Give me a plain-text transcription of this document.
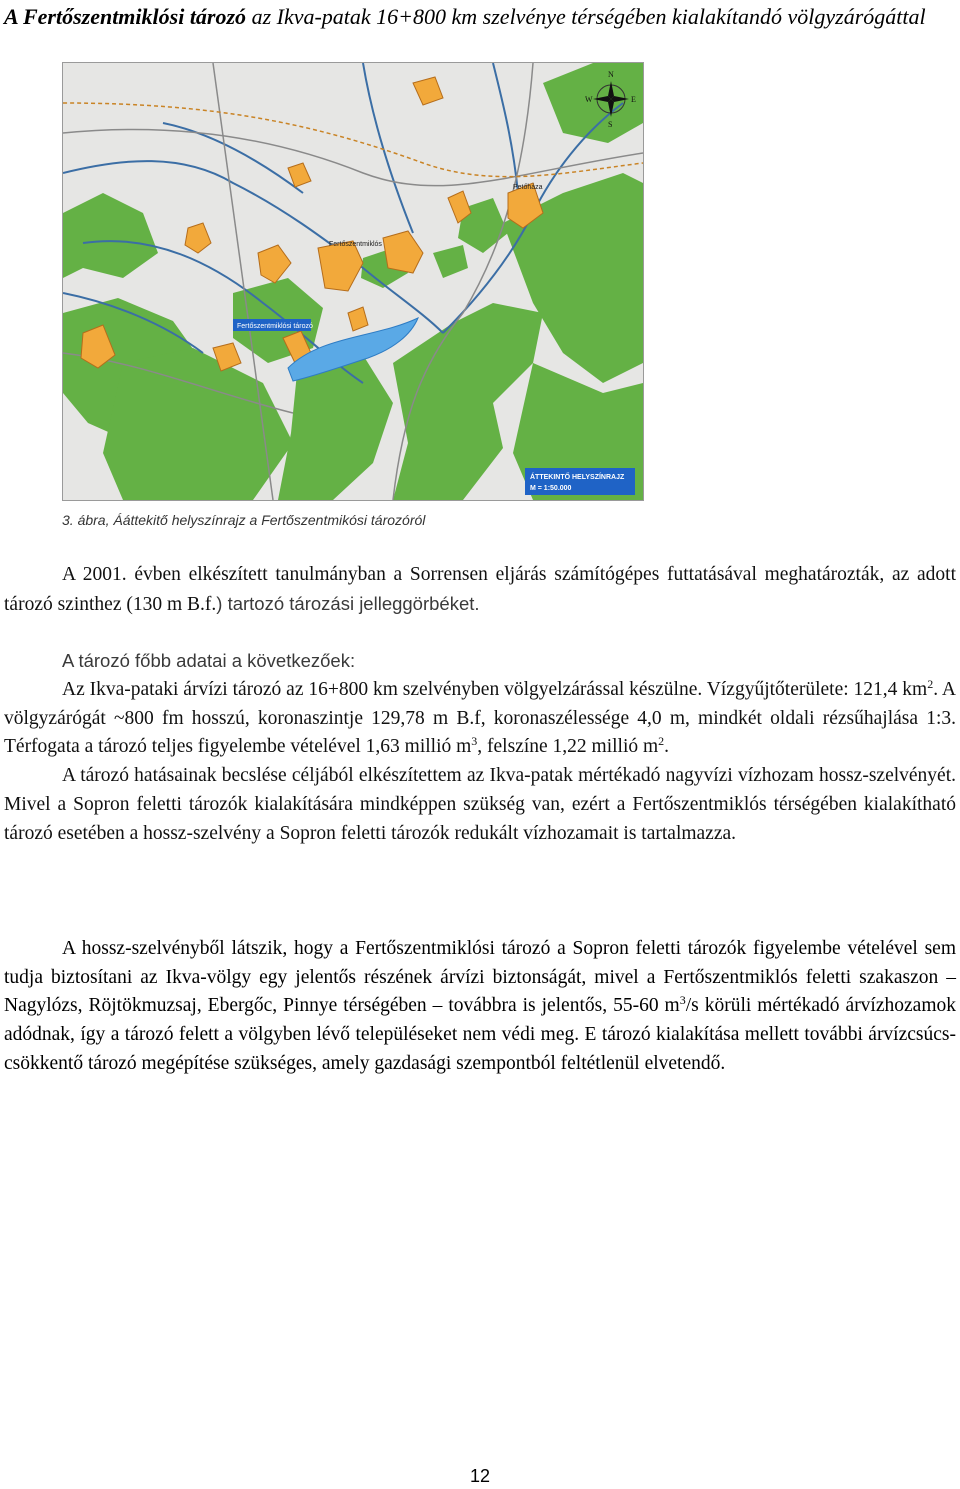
A Fertőszentmiklósi tározó az Ikva-patak 16+800 km szelvénye térségében kialakítandó völgyzárógáttal
Fertőszentmiklósi tározó
Fertőszentmiklós
Petőháza
N
S
E
W
ÁTTEKINTŐ HELYSZÍNRAJZ
M = 1:50.000
3. ábra, Ááttekitő helyszínrajz a Fertőszentmikósi tározóról

A 2001. évben elkészített tanulmányban a Sorrensen eljárás számítógépes futtatásával meghatározták, az adott tározó szinthez (130 m B.f.) tartozó tározási jelleggörbéket.

A tározó főbb adatai a következőek:

Az Ikva-pataki árvízi tározó az 16+800 km szelvényben völgyelzárással készülne. Vízgyűjtőterülete: 121,4 $km^2$. A völgyzárógát ~800 fm hosszú, koronaszintje 129,78 m B.f, koronaszélessége 4,0 m, mindkét oldali rézsűhajlása 1:3. Térfogata a tározó teljes figyelembe vételével 1,63 millió $m^3$, felszíne 1,22 millió $m^2$.
A tározó hatásainak becslése céljából elkészítettem az Ikva-patak mértékadó nagyvízi vízhozam hossz-szelvényét. Mivel a Sopron feletti tározók kialakítására mindképpen szükség van, ezért a Fertőszentmiklós térségében kialakítható tározó esetében a hossz-szelvény a Sopron feletti tározók redukált vízhozamait is tartalmazza.

A hossz-szelvényből látszik, hogy a Fertőszentmiklósi tározó a Sopron feletti tározók figyelembe vételével sem tudja biztosítani az Ikva-völgy egy jelentős részének árvízi biztonságát, mivel a Fertőszentmiklós feletti szakaszon – Nagylózs, Röjtökmuzsaj, Ebergőc, Pinnye térségében – továbbra is jelentős, 55-60 $m^3/s$ körüli mértékadó árvízhozamok adódnak, így a tározó felett a völgyben lévő településeket nem védi meg. E tározó kialakítása mellett további árvízcsúcs-csökkentő tározó megépítése szükséges, amely gazdasági szempontból feltétlenül elvetendő.

12
